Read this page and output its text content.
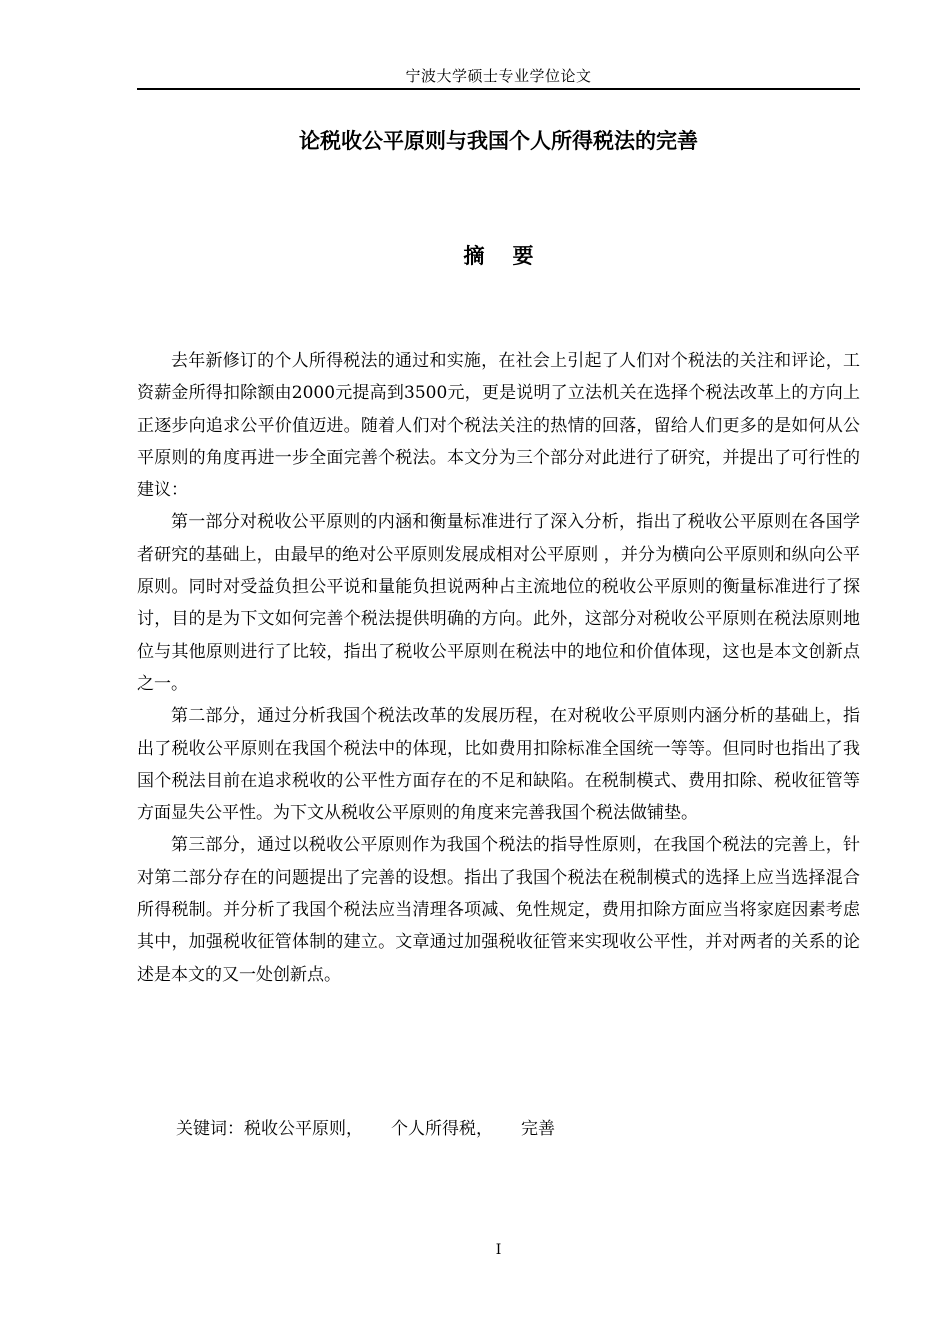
宁波大学硕士专业学位论文
论税收公平原则与我国个人所得税法的完善
摘要

去年新修订的个人所得税法的通过和实施，在社会上引起了人们对个税法的关注和评论，工资薪金所得扣除额由2000元提高到3500元，更是说明了立法机关在选择个税法改革上的方向上正逐步向追求公平价值迈进。随着人们对个税法关注的热情的回落，留给人们更多的是如何从公平原则的角度再进一步全面完善个税法。本文分为三个部分对此进行了研究，并提出了可行性的建议：

第一部分对税收公平原则的内涵和衡量标准进行了深入分析，指出了税收公平原则在各国学者研究的基础上，由最早的绝对公平原则发展成相对公平原则 ，并分为横向公平原则和纵向公平原则。同时对受益负担公平说和量能负担说两种占主流地位的税收公平原则的衡量标准进行了探讨，目的是为下文如何完善个税法提供明确的方向。此外，这部分对税收公平原则在税法原则地位与其他原则进行了比较，指出了税收公平原则在税法中的地位和价值体现，这也是本文创新点之一。

第二部分，通过分析我国个税法改革的发展历程，在对税收公平原则内涵分析的基础上，指出了税收公平原则在我国个税法中的体现，比如费用扣除标准全国统一等等。但同时也指出了我国个税法目前在追求税收的公平性方面存在的不足和缺陷。在税制模式、费用扣除、税收征管等方面显失公平性。为下文从税收公平原则的角度来完善我国个税法做铺垫。

第三部分，通过以税收公平原则作为我国个税法的指导性原则，在我国个税法的完善上，针对第二部分存在的问题提出了完善的设想。指出了我国个税法在税制模式的选择上应当选择混合所得税制。并分析了我国个税法应当清理各项减、免性规定，费用扣除方面应当将家庭因素考虑其中，加强税收征管体制的建立。文章通过加强税收征管来实现收公平性，并对两者的关系的论述是本文的又一处创新点。

关键词：税收公平原则， 个人所得税， 完善
I
